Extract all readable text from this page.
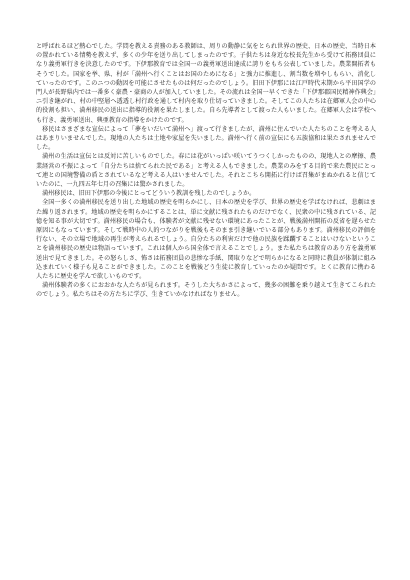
と呼ばれるほど熱心でした。学問を教える責務のある教師は、周りの動静に気をとられ世界の歴史、日本の歴史、当時日本の置かれている情勢を教えず、多くの少年を送り出してしまったのです。子供たちは身近な校長先生から受けて拓務団員になり義勇軍行きを決意したのです。下伊那教育では全国一の義勇軍送出達成に誇りをもち公表していました。農業開拓者もそうでした。国家を挙、県、村が「満州へ行くことはお国のためになる」と強力に推進し、割当数を増やしもらい、消化していったのです。このニつの動因を可能にさせたものは何だったのでしょう。旧田下伊那には江戸時代末期から平田国学の門人が長野県内では一番多く豪農・豪商の人が加入していました。その流れは全国一早くできた「下伊那郡国民精神作興会」ニ引き継がれ、村の中堅層へ透透し村行政を通して村内を取り仕切っていきました。そしてこの人たちは在郷軍人会の中心的役割も担い、満州移民の送出に指導的役割を果たしました。自ら先導者として渡った人もいました。在郷軍人会は学校へも行き、義勇軍送出、興亜教育の指導をかけたのです。

移民はさまざまな宣伝によって「夢をいだいて満州へ」渡って行きましたが、満州に住んでいた人たちのことを考える人はあまりいませんでした。現地の人たちは土地や家屋を失いました。満州へ行く前の宣伝にも五族協和は果たされませんでした。

満州の生活は宣伝とは反対に苦しいものでした。春には花がいっぱい咲いてうつくしかったものの、現地人との摩擦、農業経営の不振によって「自分たちは捨てられた民である」と考える人もできました。農業のみをする目的で来た農民にとって連との国境警備の盾とされているなど考える人はいませんでした。それとこちら開拓に行けば召集がまぬかれると信じていたのに、一九四五年七月の召集には驚かされました。

満州移民は、旧田下伊那の今後にとってどういう教訓を残したのでしょうか。

全国一多くの満州移民を送り出した地域の歴史を明らかにし、日本の歴史を学び、世界の歴史を学ばなければ、悲劇はまた繰り返されます。地域の歴史を明らかにすることは、単に文献に残されたものだけでなく、民衆の中に残されている、記憶を知る事が大切です。満州移民の場合も、体験者が文献に残せない環境にあったことが、戦後満州開拓の反省を遅らせた原因にもなっています。そして戦時中の人的つながりを戦後もそのまま引き継いでいる部分もあります。満州移民の評価を行ない、その立場で地域の再生が考えられるでしょう。自分たちの利害だけで他の民族を蹂躙することはいけないということを満州移民の歴史は物語っています。これは個人から国全体で言えることでしょう。また私たちは教育のあり方を義勇軍送出で見てきました。その怒らしさ、怖さは拓務団員の悲惨な手紙、関取りなどで明らかになると同時に教員が体制に組み込まれていく様子も見ることができました。このことを戦後どう生徒に教育していったのか疑問です。とくに教育に携わる人たちに歴史を学んで欲しいものです。

満州体験者の多くにおおかな人たちが見られます。そうした大ちかさによって、幾多の困難を乗り越えて生きてこられたのでしょう。私たちはその方たちに学び、生きていかなければなりません。
